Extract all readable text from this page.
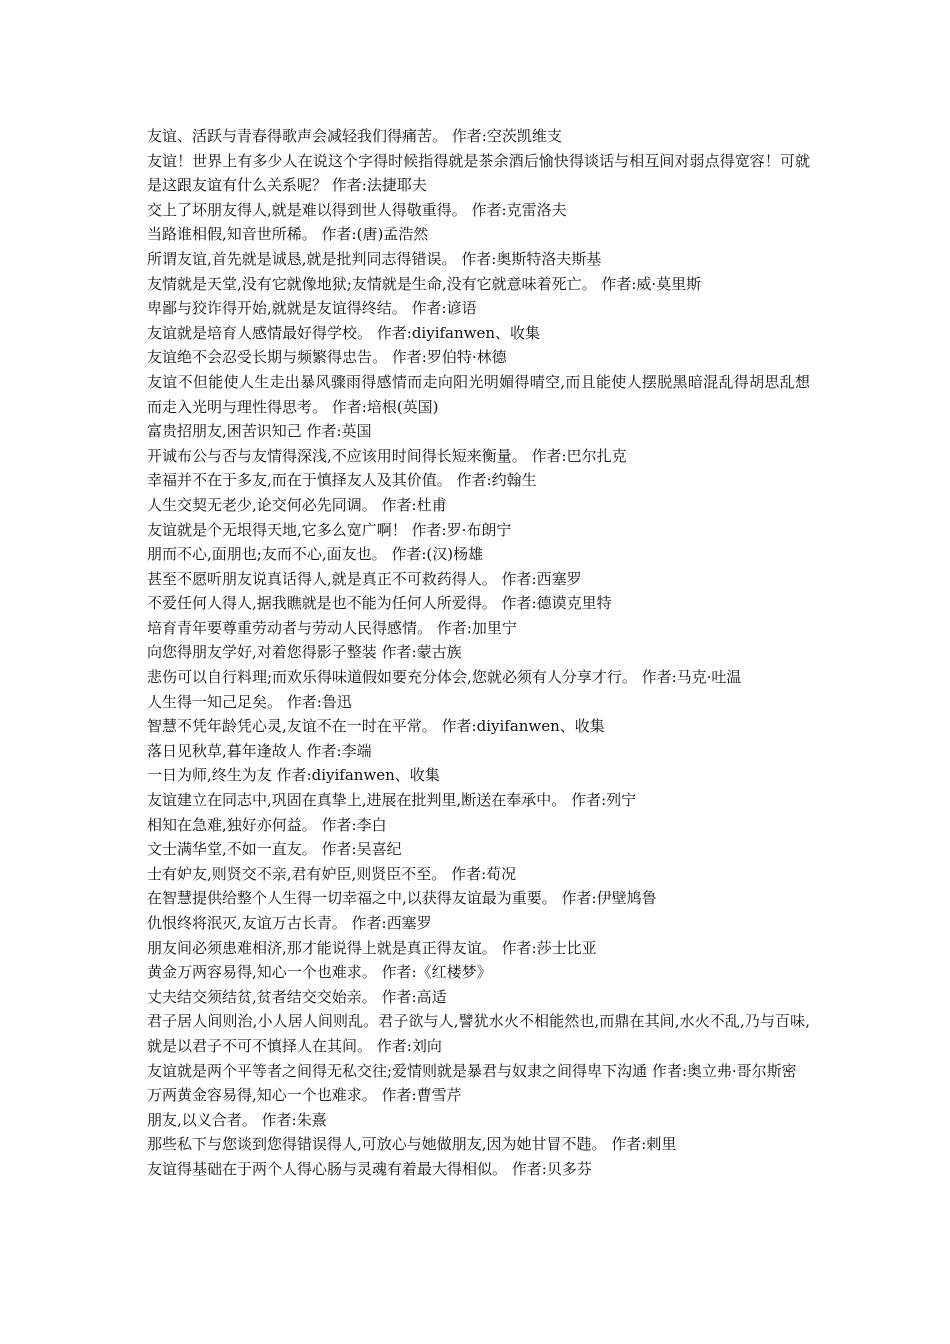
友谊、活跃与青春得歌声会减轻我们得痛苦。 作者:空茨凯维支

友谊！世界上有多少人在说这个字得时候指得就是茶余酒后愉快得谈话与相互间对弱点得宽容！可就是这跟友谊有什么关系呢？ 作者:法捷耶夫

交上了坏朋友得人,就是难以得到世人得敬重得。 作者:克雷洛夫

当路谁相假,知音世所稀。 作者:(唐)孟浩然

所谓友谊,首先就是诚恳,就是批判同志得错误。 作者:奥斯特洛夫斯基

友情就是天堂,没有它就像地狱;友情就是生命,没有它就意味着死亡。 作者:威·莫里斯

卑鄙与狡诈得开始,就就是友谊得终结。 作者:谚语

友谊就是培育人感情最好得学校。 作者:diyifanwen、收集

友谊绝不会忍受长期与频繁得忠告。 作者:罗伯特·林德

友谊不但能使人生走出暴风骤雨得感情而走向阳光明媚得晴空,而且能使人摆脱黑暗混乱得胡思乱想而走入光明与理性得思考。 作者:培根(英国)

富贵招朋友,困苦识知己 作者:英国

开诚布公与否与友情得深浅,不应该用时间得长短来衡量。 作者:巴尔扎克

幸福并不在于多友,而在于慎择友人及其价值。 作者:约翰生

人生交契无老少,论交何必先同调。 作者:杜甫

友谊就是个无垠得天地,它多么宽广啊！ 作者:罗·布朗宁

朋而不心,面朋也;友而不心,面友也。 作者:(汉)杨雄

甚至不愿听朋友说真话得人,就是真正不可救药得人。 作者:西塞罗

不爱任何人得人,据我瞧就是也不能为任何人所爱得。 作者:德谟克里特

培育青年要尊重劳动者与劳动人民得感情。 作者:加里宁

向您得朋友学好,对着您得影子整装 作者:蒙古族

悲伤可以自行料理;而欢乐得味道假如要充分体会,您就必须有人分享才行。 作者:马克·吐温

人生得一知己足矣。 作者:鲁迅

智慧不凭年龄凭心灵,友谊不在一时在平常。 作者:diyifanwen、收集

落日见秋草,暮年逢故人 作者:李端

一日为师,终生为友 作者:diyifanwen、收集

友谊建立在同志中,巩固在真挚上,进展在批判里,断送在奉承中。 作者:列宁

相知在急难,独好亦何益。 作者:李白

文士满华堂,不如一直友。 作者:吴喜纪

士有妒友,则贤交不亲,君有妒臣,则贤臣不至。 作者:荀况

在智慧提供给整个人生得一切幸福之中,以获得友谊最为重要。 作者:伊壁鸠鲁

仇恨终将泯灭,友谊万古长青。 作者:西塞罗

朋友间必须患难相济,那才能说得上就是真正得友谊。 作者:莎士比亚

黄金万两容易得,知心一个也难求。 作者:《红楼梦》

丈夫结交须结贫,贫者结交交始亲。 作者:高适

君子居人间则治,小人居人间则乱。君子欲与人,譬犹水火不相能然也,而鼎在其间,水火不乱,乃与百味,就是以君子不可不慎择人在其间。 作者:刘向

友谊就是两个平等者之间得无私交往;爱情则就是暴君与奴隶之间得卑下沟通 作者:奥立弗·哥尔斯密

万两黄金容易得,知心一个也难求。 作者:曹雪芹

朋友,以义合者。 作者:朱熹

那些私下与您谈到您得错误得人,可放心与她做朋友,因为她甘冒不韪。 作者:剌里

友谊得基础在于两个人得心肠与灵魂有着最大得相似。 作者:贝多芬
